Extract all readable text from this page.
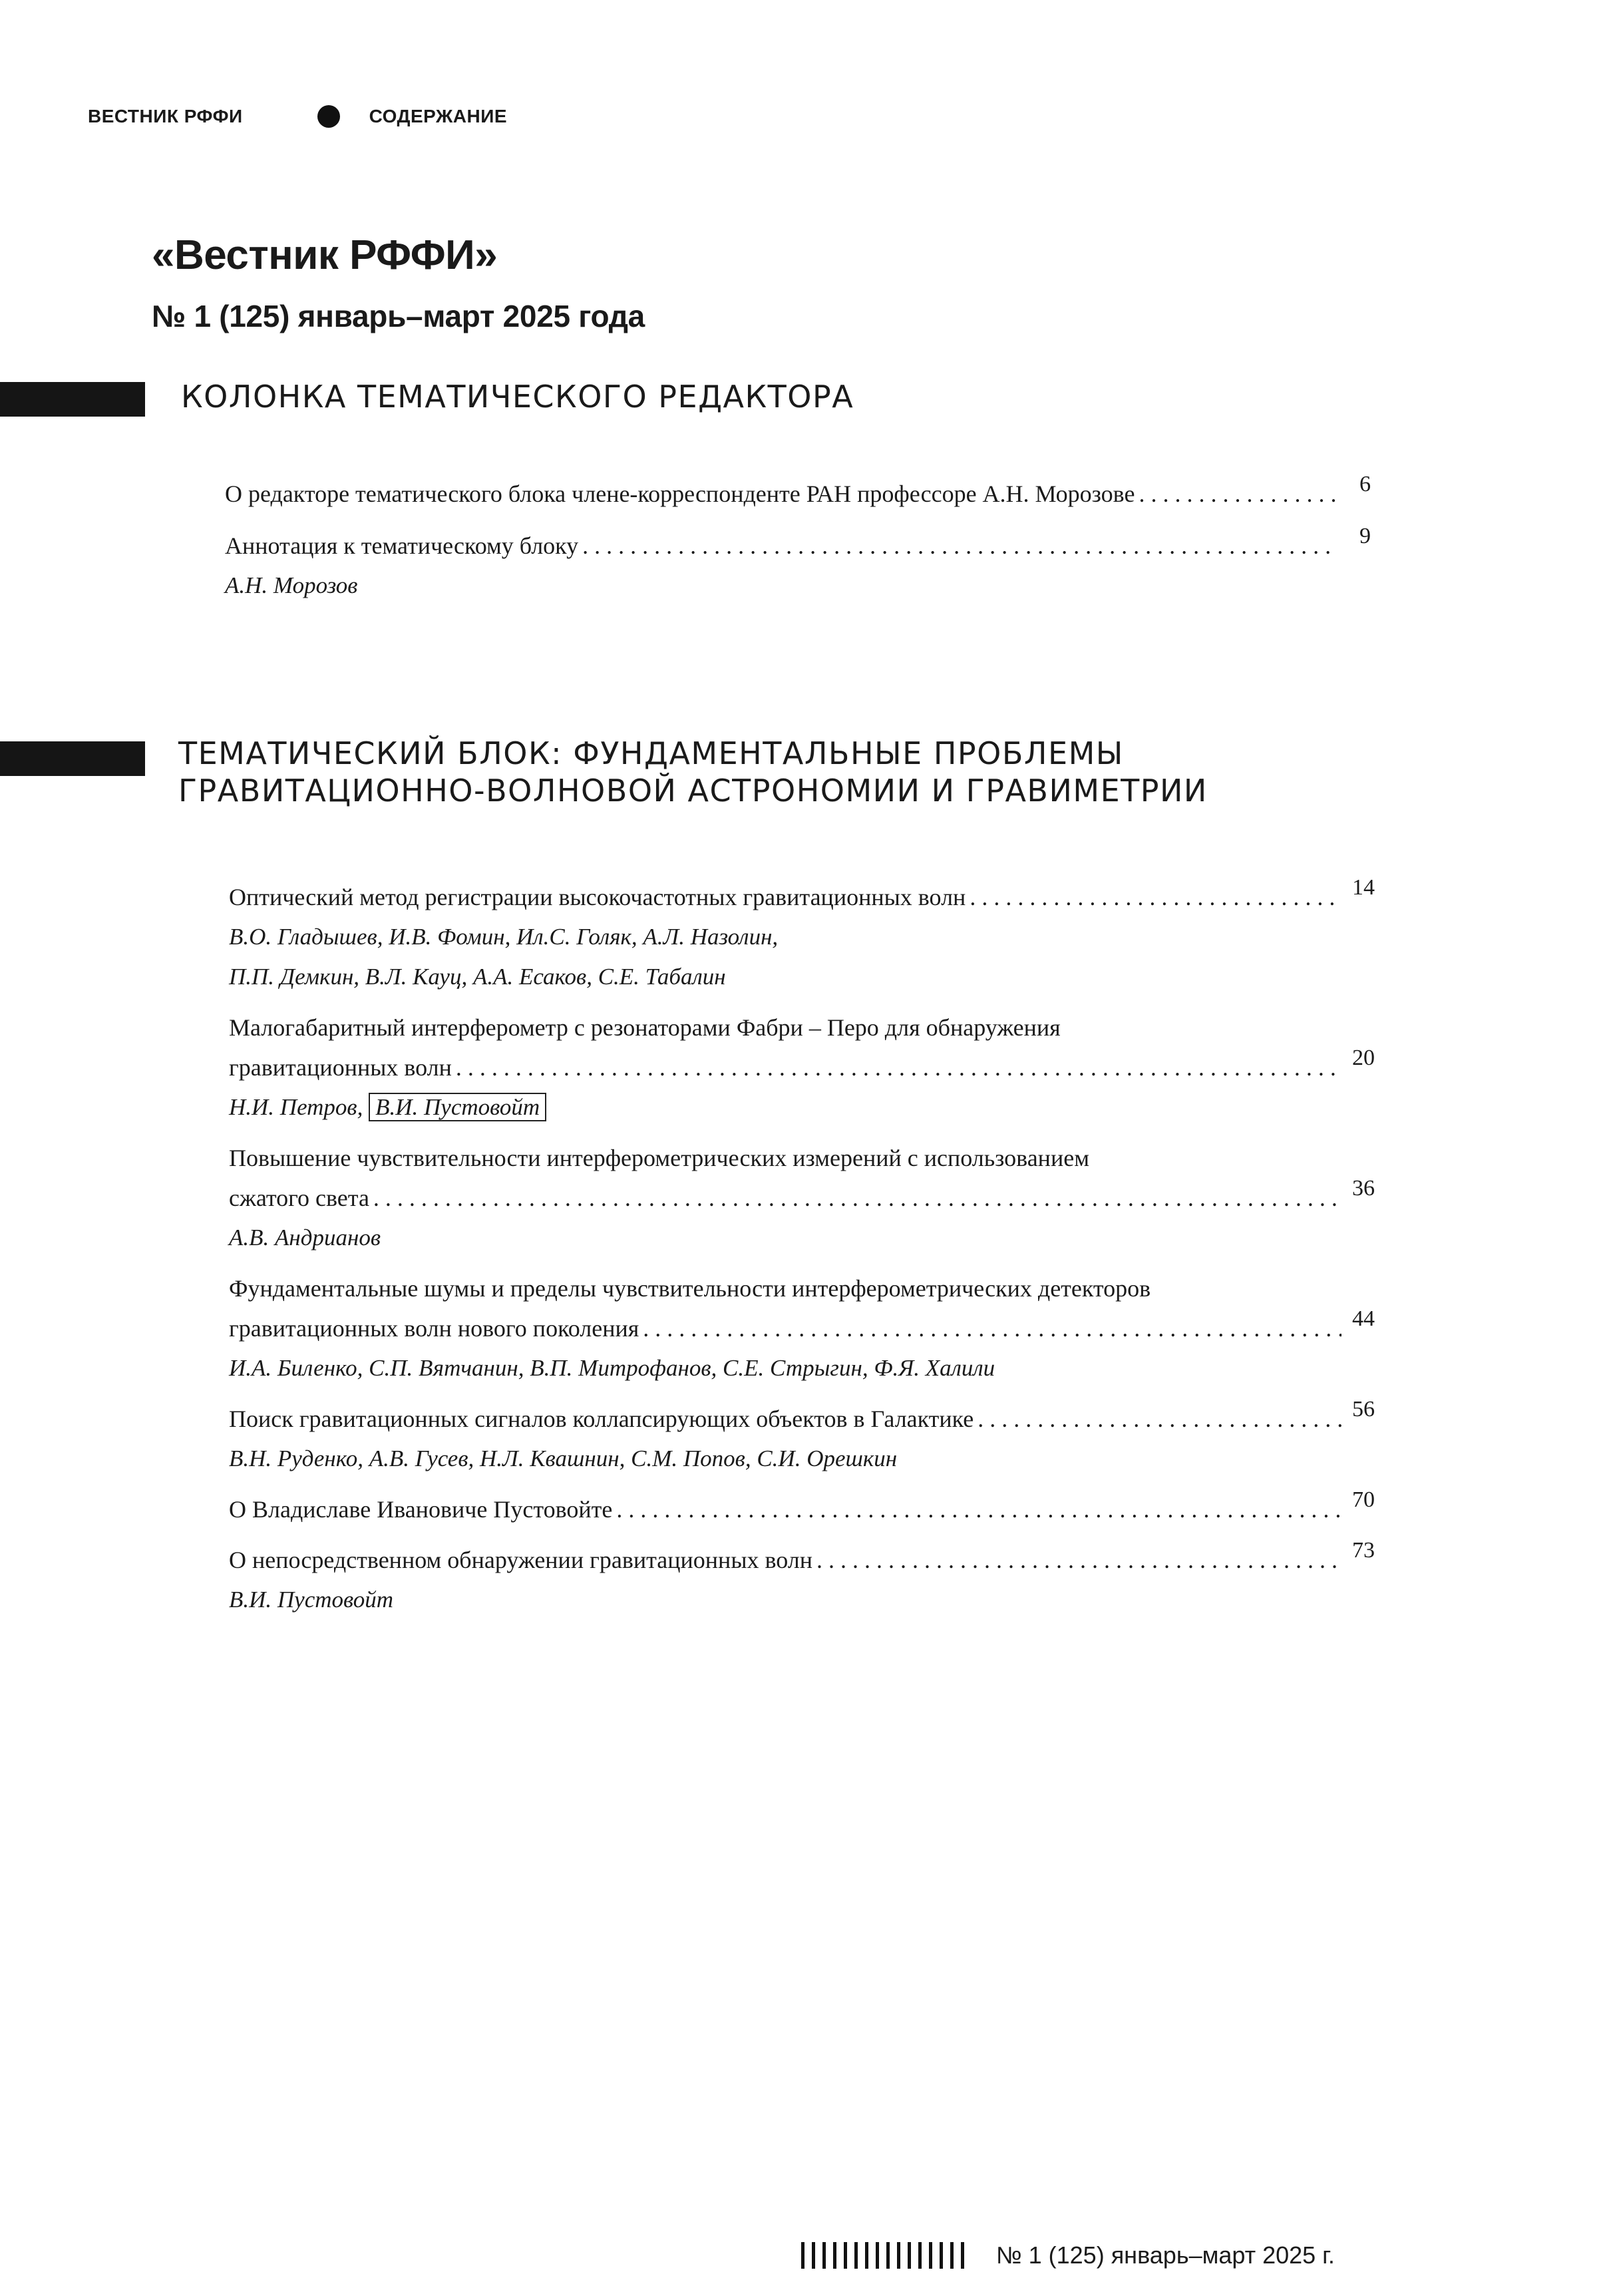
ВЕСТНИК РФФИ	СОДЕРЖАНИЕ
«Вестник РФФИ»
№ 1 (125) январь–март 2025 года
КОЛОНКА ТЕМАТИЧЕСКОГО РЕДАКТОРА
О редакторе тематического блока члене-корреспонденте РАН профессоре А.Н. Морозове . . .	6
Аннотация к тематическому блоку . . .	9
А.Н. Морозов
ТЕМАТИЧЕСКИЙ БЛОК: ФУНДАМЕНТАЛЬНЫЕ ПРОБЛЕМЫ
ГРАВИТАЦИОННО-ВОЛНОВОЙ АСТРОНОМИИ И ГРАВИМЕТРИИ
Оптический метод регистрации высокочастотных гравитационных волн . . .	14
В.О. Гладышев, И.В. Фомин, Ил.С. Голяк, А.Л. Назолин,
П.П. Демкин, В.Л. Кауц, А.А. Есаков, С.Е. Табалин
Малогабаритный интерферометр с резонаторами Фабри – Перо для обнаружения
гравитационных волн . . .	20
Н.И. Петров, В.И. Пустовойт
Повышение чувствительности интерферометрических измерений с использованием
сжатого света . . .	36
А.В. Андрианов
Фундаментальные шумы и пределы чувствительности интерферометрических детекторов
гравитационных волн нового поколения . . .	44
И.А. Биленко, С.П. Вятчанин, В.П. Митрофанов, С.Е. Стрыгин, Ф.Я. Халили
Поиск гравитационных сигналов коллапсирующих объектов в Галактике . . .	56
В.Н. Руденко, А.В. Гусев, Н.Л. Квашнин, С.М. Попов, С.И. Орешкин
О Владиславе Ивановиче Пустовойте . . .	70
О непосредственном обнаружении гравитационных волн . . .	73
В.И. Пустовойт
№ 1 (125) январь–март 2025 г.
